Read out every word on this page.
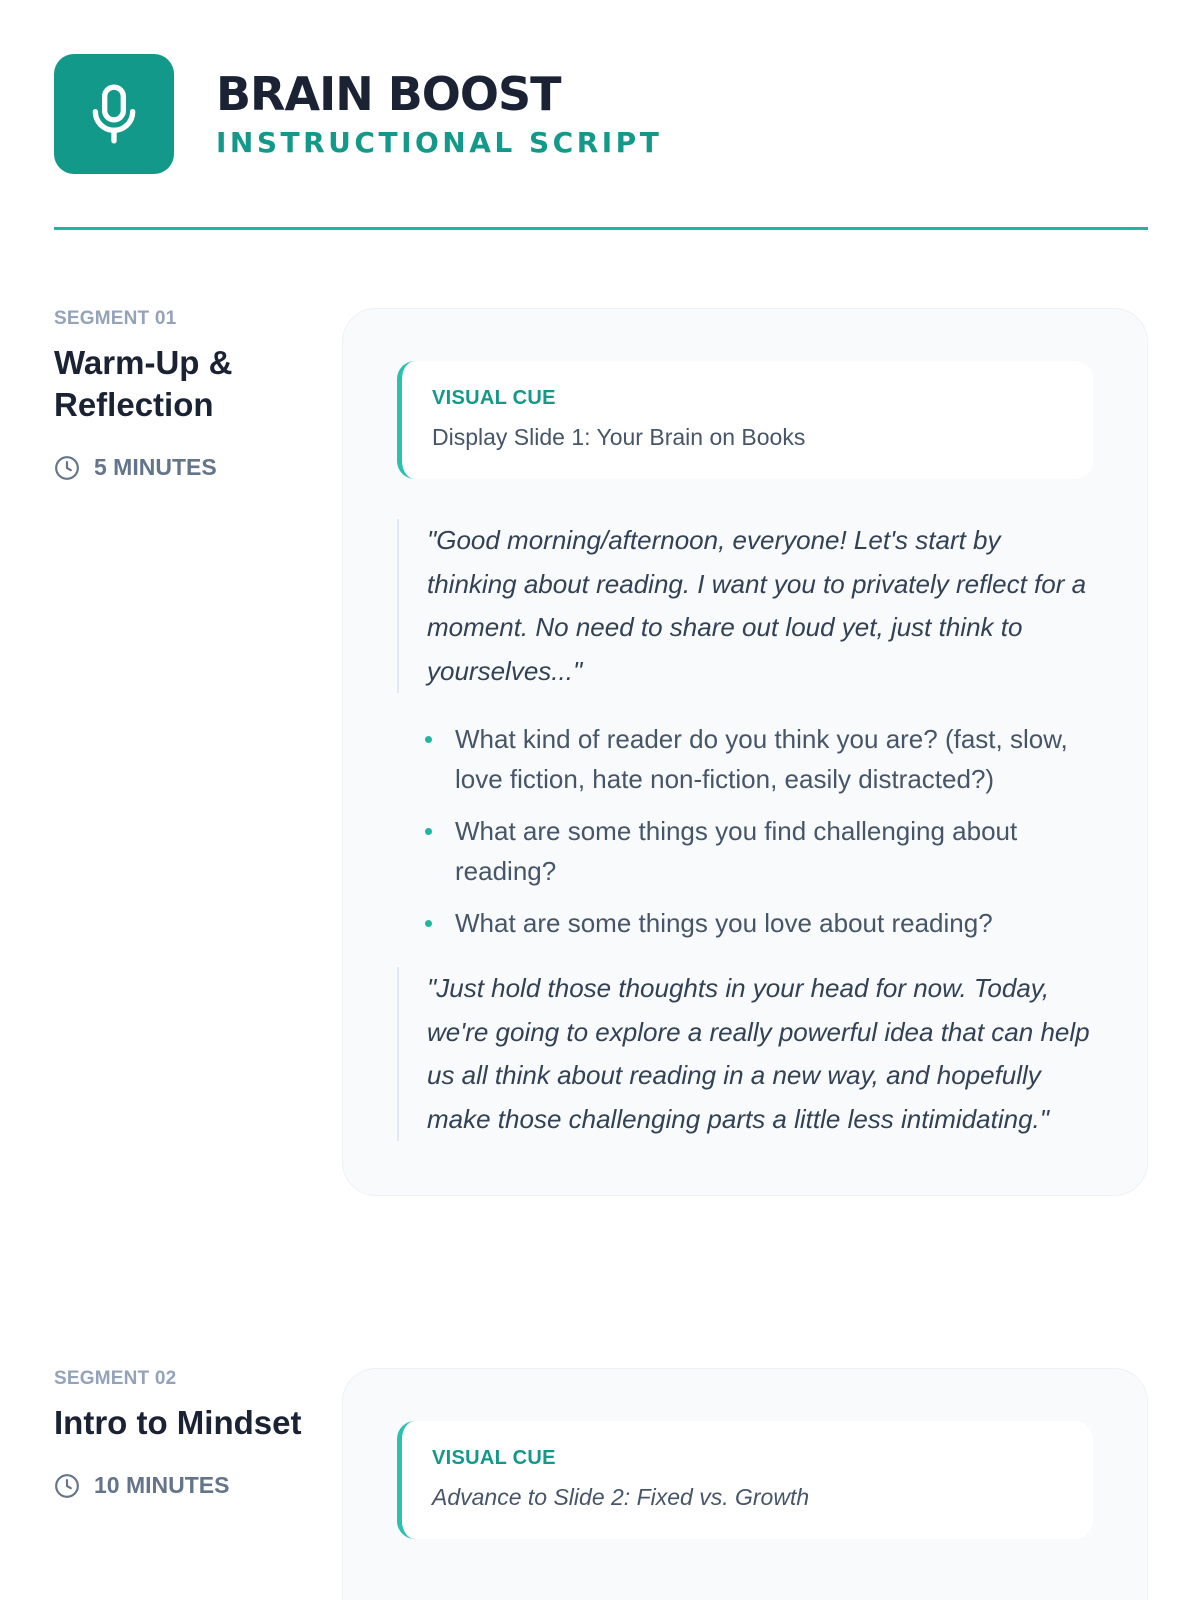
BRAIN BOOST
INSTRUCTIONAL SCRIPT
SEGMENT 01
Warm-Up & Reflection
5 MINUTES
VISUAL CUE
Display Slide 1: Your Brain on Books
"Good morning/afternoon, everyone! Let's start by thinking about reading. I want you to privately reflect for a moment. No need to share out loud yet, just think to yourselves..."
What kind of reader do you think you are? (fast, slow, love fiction, hate non-fiction, easily distracted?)
What are some things you find challenging about reading?
What are some things you love about reading?
"Just hold those thoughts in your head for now. Today, we're going to explore a really powerful idea that can help us all think about reading in a new way, and hopefully make those challenging parts a little less intimidating."
SEGMENT 02
Intro to Mindset
10 MINUTES
VISUAL CUE
Advance to Slide 2: Fixed vs. Growth
